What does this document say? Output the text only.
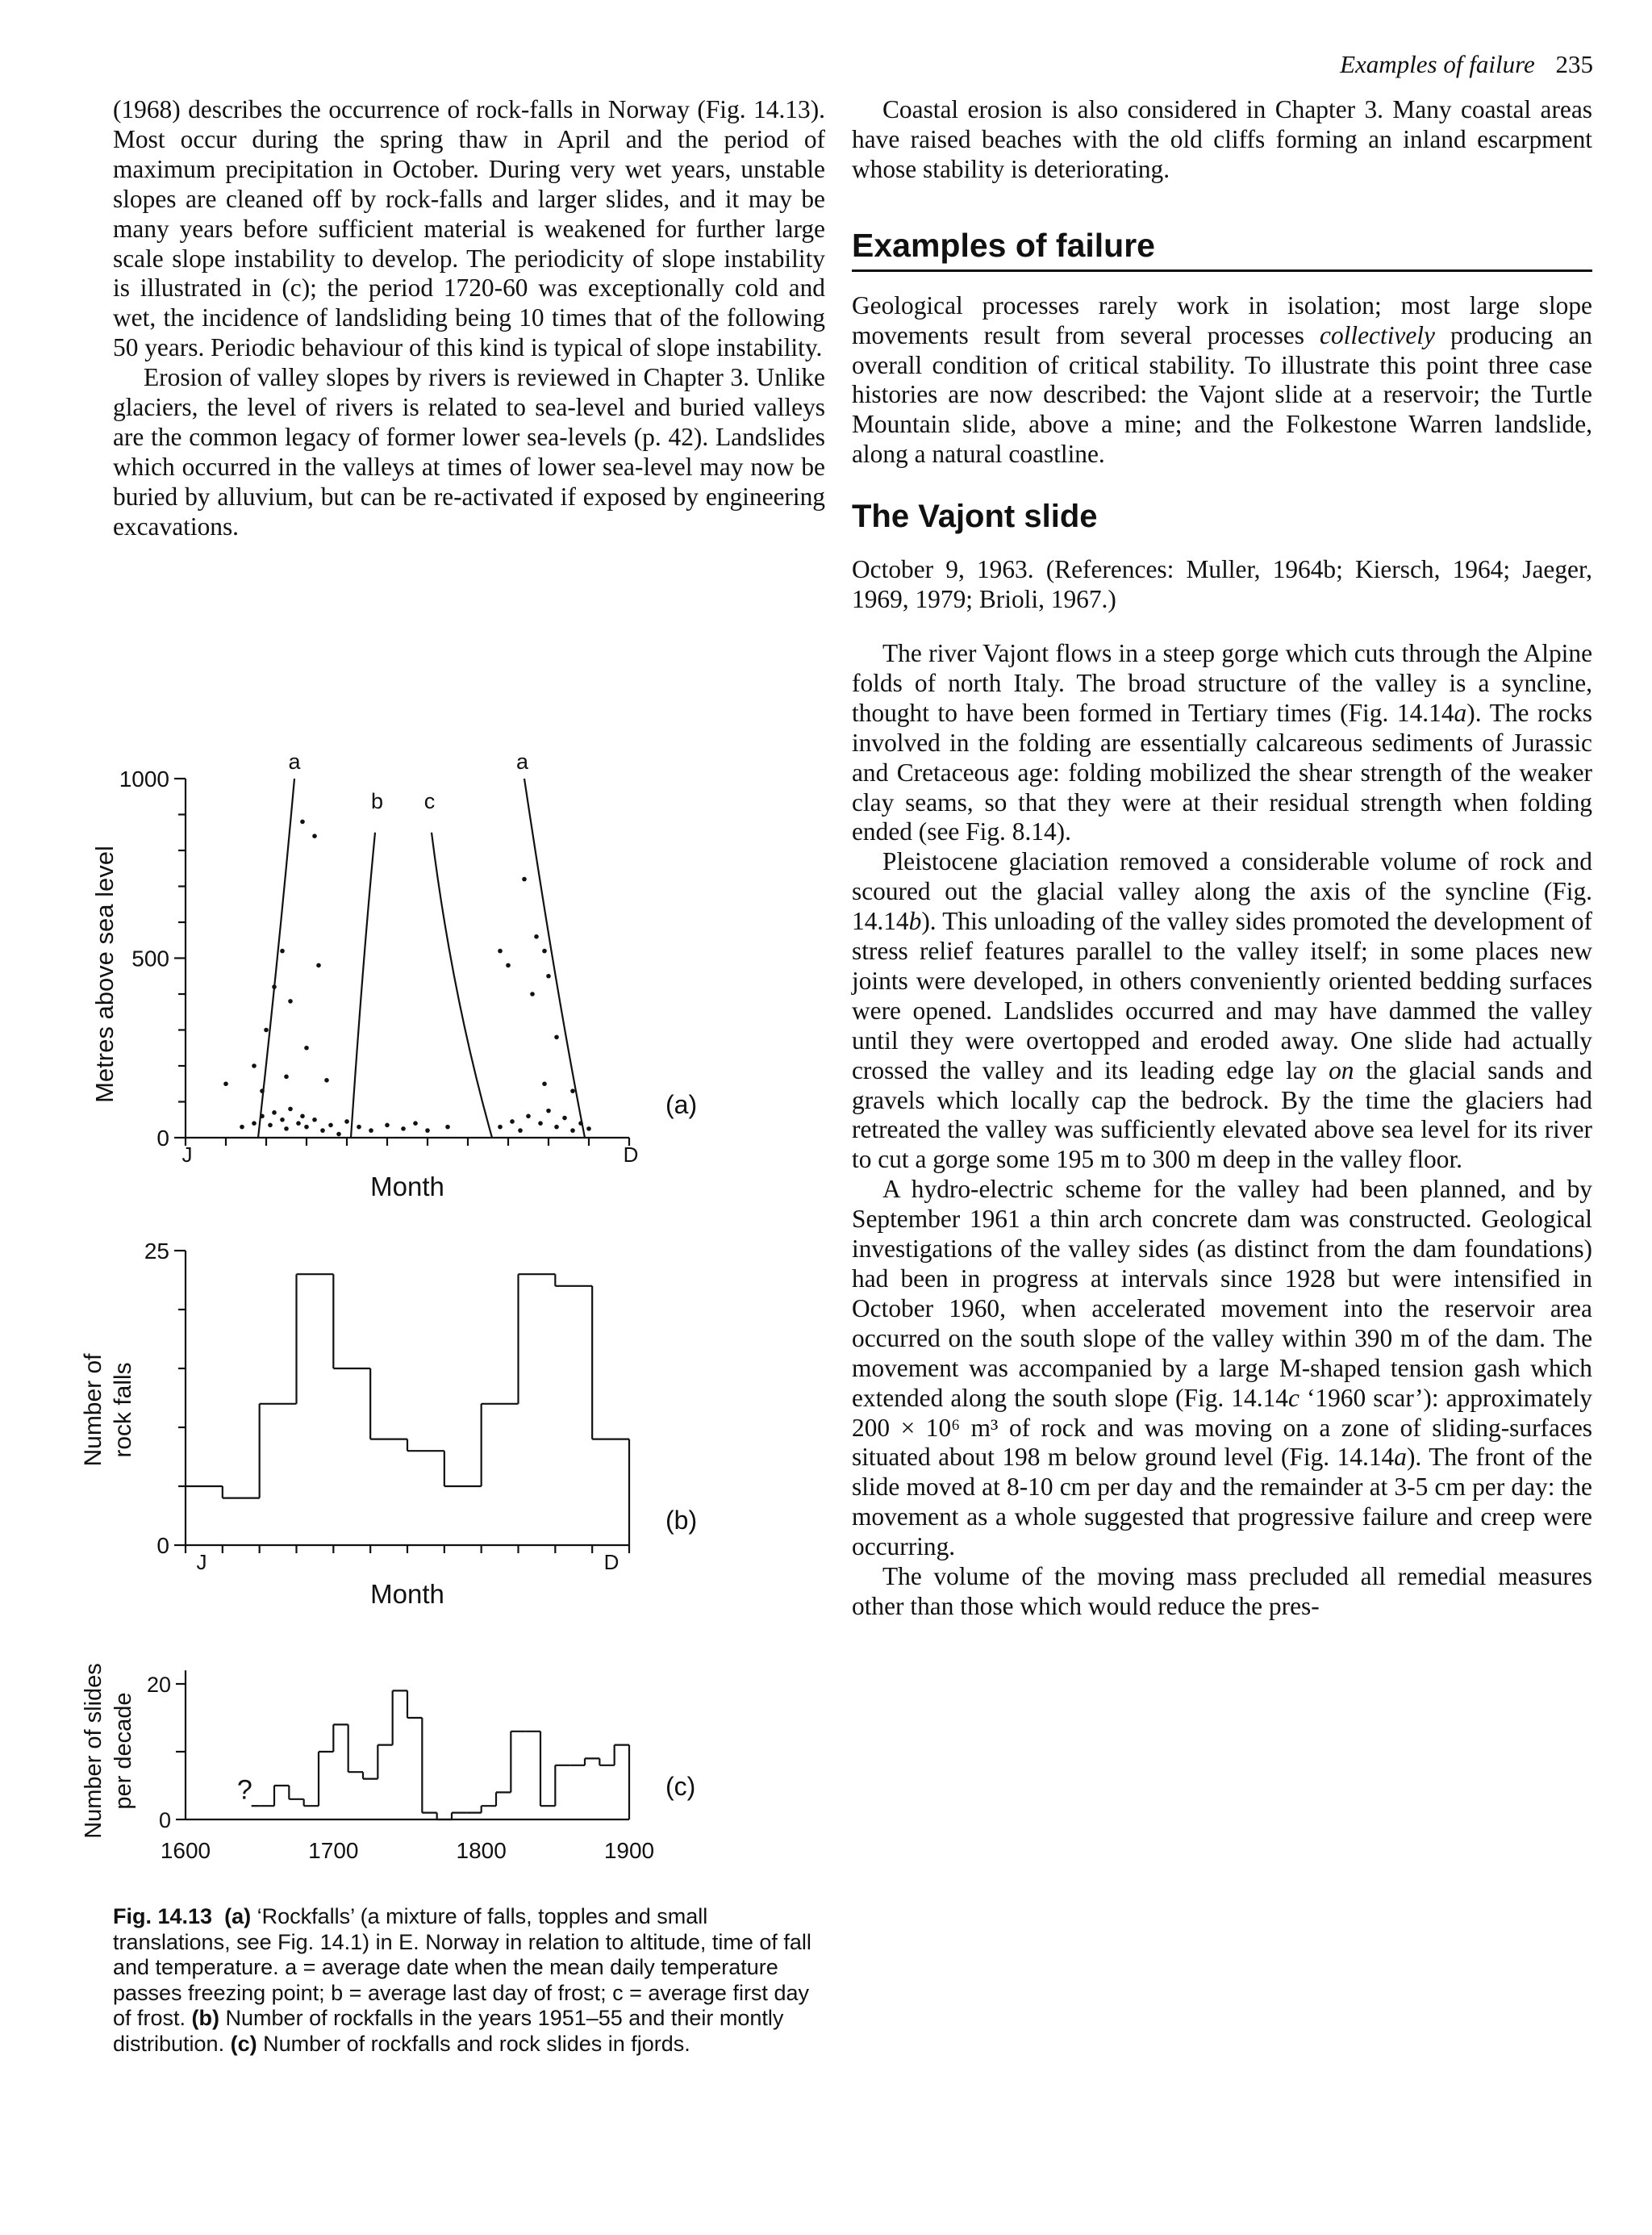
Examples of failure 235

(1968) describes the occurrence of rock-falls in Norway (Fig. 14.13). Most occur during the spring thaw in April and the period of maximum precipitation in October. During very wet years, unstable slopes are cleaned off by rock-falls and larger slides, and it may be many years before sufficient material is weakened for further large scale slope instability to develop. The periodicity of slope instability is illustrated in (c); the period 1720-60 was exceptionally cold and wet, the incidence of landsliding being 10 times that of the following 50 years. Periodic behaviour of this kind is typical of slope instability.

Erosion of valley slopes by rivers is reviewed in Chapter 3. Unlike glaciers, the level of rivers is related to sea-level and buried valleys are the common legacy of former lower sea-levels (p. 42). Landslides which occurred in the valleys at times of lower sea-level may now be buried by alluvium, but can be re-activated if exposed by engineering excavations.

0
500
1000
J	D
Month
Metres above sea level
(a)
a
b c
a
0
25
J	D
Month
Number of rock falls
(b)
0
20
1600	1700	1800	1900
Number of slides per decade	(c)
?
Fig. 14.13 (a) ‘Rockfalls’ (a mixture of falls, topples and small translations, see Fig. 14.1) in E. Norway in relation to altitude, time of fall and temperature. a = average date when the mean daily temperature passes freezing point; b = average last day of frost; c = average first day of frost. (b) Number of rockfalls in the years 1951–55 and their montly distribution. (c) Number of rockfalls and rock slides in fjords.

Coastal erosion is also considered in Chapter 3. Many coastal areas have raised beaches with the old cliffs forming an inland escarpment whose stability is deteriorating.

Examples of failure

Geological processes rarely work in isolation; most large slope movements result from several processes collectively producing an overall condition of critical stability. To illustrate this point three case histories are now described: the Vajont slide at a reservoir; the Turtle Mountain slide, above a mine; and the Folkestone Warren landslide, along a natural coastline.

The Vajont slide

October 9, 1963. (References: Muller, 1964b; Kiersch, 1964; Jaeger, 1969, 1979; Brioli, 1967.)

The river Vajont flows in a steep gorge which cuts through the Alpine folds of north Italy. The broad structure of the valley is a syncline, thought to have been formed in Tertiary times (Fig. 14.14a). The rocks involved in the folding are essentially calcareous sediments of Jurassic and Cretaceous age: folding mobilized the shear strength of the weaker clay seams, so that they were at their residual strength when folding ended (see Fig. 8.14).

Pleistocene glaciation removed a considerable volume of rock and scoured out the glacial valley along the axis of the syncline (Fig. 14.14b). This unloading of the valley sides promoted the development of stress relief features parallel to the valley itself; in some places new joints were developed, in others conveniently oriented bedding surfaces were opened. Landslides occurred and may have dammed the valley until they were overtopped and eroded away. One slide had actually crossed the valley and its leading edge lay on the glacial sands and gravels which locally cap the bedrock. By the time the glaciers had retreated the valley was sufficiently elevated above sea level for its river to cut a gorge some 195 m to 300 m deep in the valley floor.

A hydro-electric scheme for the valley had been planned, and by September 1961 a thin arch concrete dam was constructed. Geological investigations of the valley sides (as distinct from the dam foundations) had been in progress at intervals since 1928 but were intensified in October 1960, when accelerated movement into the reservoir area occurred on the south slope of the valley within 390 m of the dam. The movement was accompanied by a large M-shaped tension gash which extended along the south slope (Fig. 14.14c ‘1960 scar’): approximately 200 × 10⁶ m³ of rock and was moving on a zone of sliding-surfaces situated about 198 m below ground level (Fig. 14.14a). The front of the slide moved at 8-10 cm per day and the remainder at 3-5 cm per day: the movement as a whole suggested that progressive failure and creep were occurring.

The volume of the moving mass precluded all remedial measures other than those which would reduce the pres-
